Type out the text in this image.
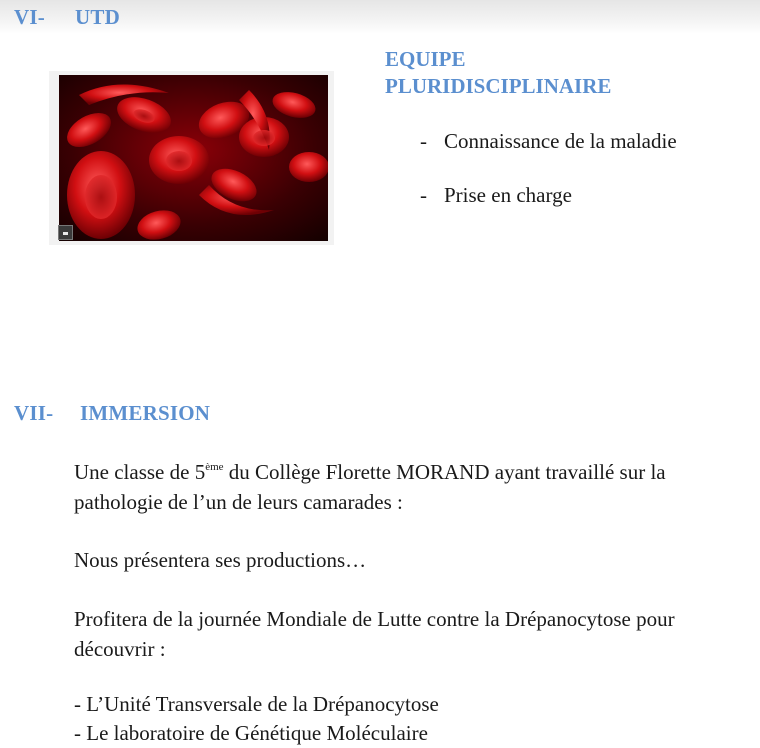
VI- UTD
EQUIPE
PLURIDISCIPLINAIRE
- Connaissance de la maladie
- Prise en charge
VII- IMMERSION
Une classe de 5ème du Collège Florette MORAND ayant travaillé sur la pathologie de l’un de leurs camarades :
Nous présentera ses productions…
Profitera de la journée Mondiale de Lutte contre la Drépanocytose pour découvrir :
- L’Unité Transversale de la Drépanocytose
- Le laboratoire de Génétique Moléculaire
